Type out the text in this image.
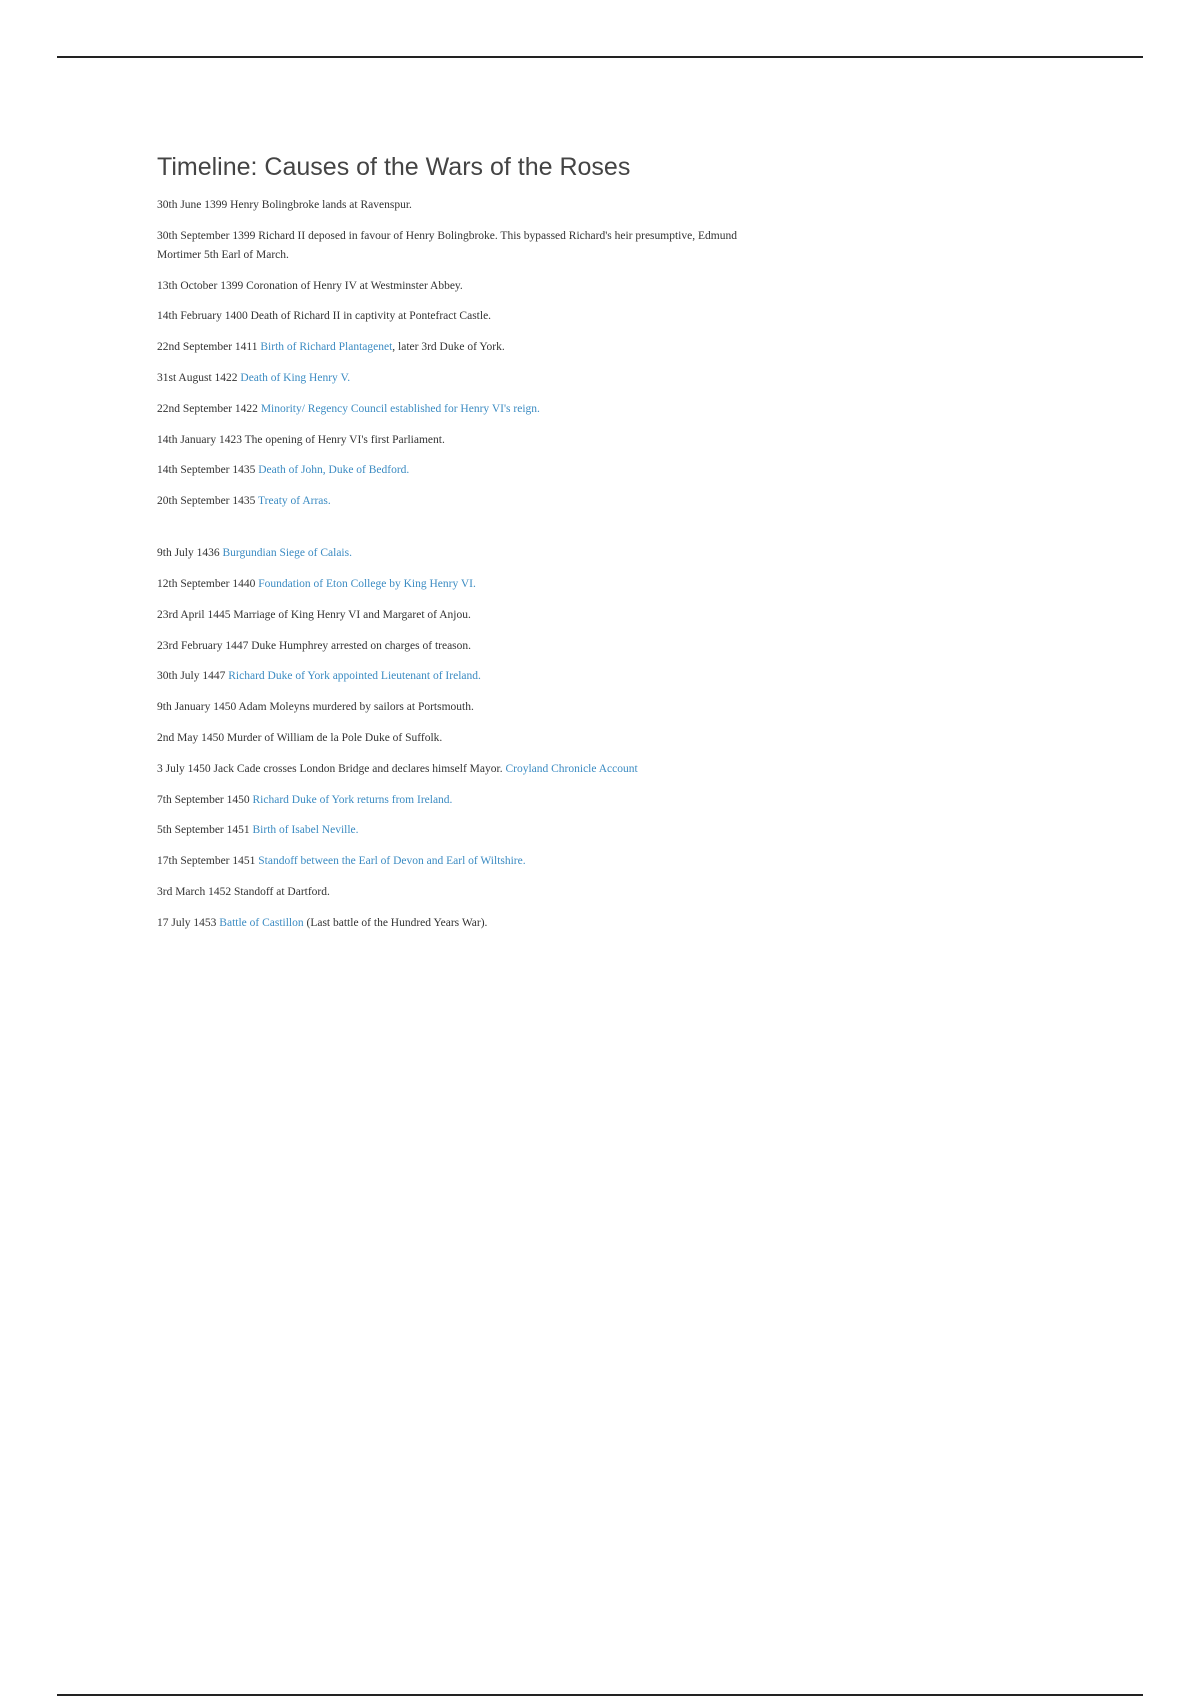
Timeline: Causes of the Wars of the Roses
30th June 1399 Henry Bolingbroke lands at Ravenspur.
30th September 1399 Richard II deposed in favour of Henry Bolingbroke. This bypassed Richard's heir presumptive, Edmund Mortimer 5th Earl of March.
13th October 1399 Coronation of Henry IV at Westminster Abbey.
14th February 1400 Death of Richard II in captivity at Pontefract Castle.
22nd September 1411 Birth of Richard Plantagenet, later 3rd Duke of York.
31st August 1422 Death of King Henry V.
22nd September 1422 Minority/ Regency Council established for Henry VI's reign.
14th January 1423 The opening of Henry VI's first Parliament.
14th September 1435 Death of John, Duke of Bedford.
20th September 1435 Treaty of Arras.
9th July 1436 Burgundian Siege of Calais.
12th September 1440 Foundation of Eton College by King Henry VI.
23rd April 1445 Marriage of King Henry VI and Margaret of Anjou.
23rd February 1447 Duke Humphrey arrested on charges of treason.
30th July 1447 Richard Duke of York appointed Lieutenant of Ireland.
9th January 1450 Adam Moleyns murdered by sailors at Portsmouth.
2nd May 1450 Murder of William de la Pole Duke of Suffolk.
3 July 1450 Jack Cade crosses London Bridge and declares himself Mayor. Croyland Chronicle Account
7th September 1450 Richard Duke of York returns from Ireland.
5th September 1451 Birth of Isabel Neville.
17th September 1451 Standoff between the Earl of Devon and Earl of Wiltshire.
3rd March 1452 Standoff at Dartford.
17 July 1453 Battle of Castillon (Last battle of the Hundred Years War).
